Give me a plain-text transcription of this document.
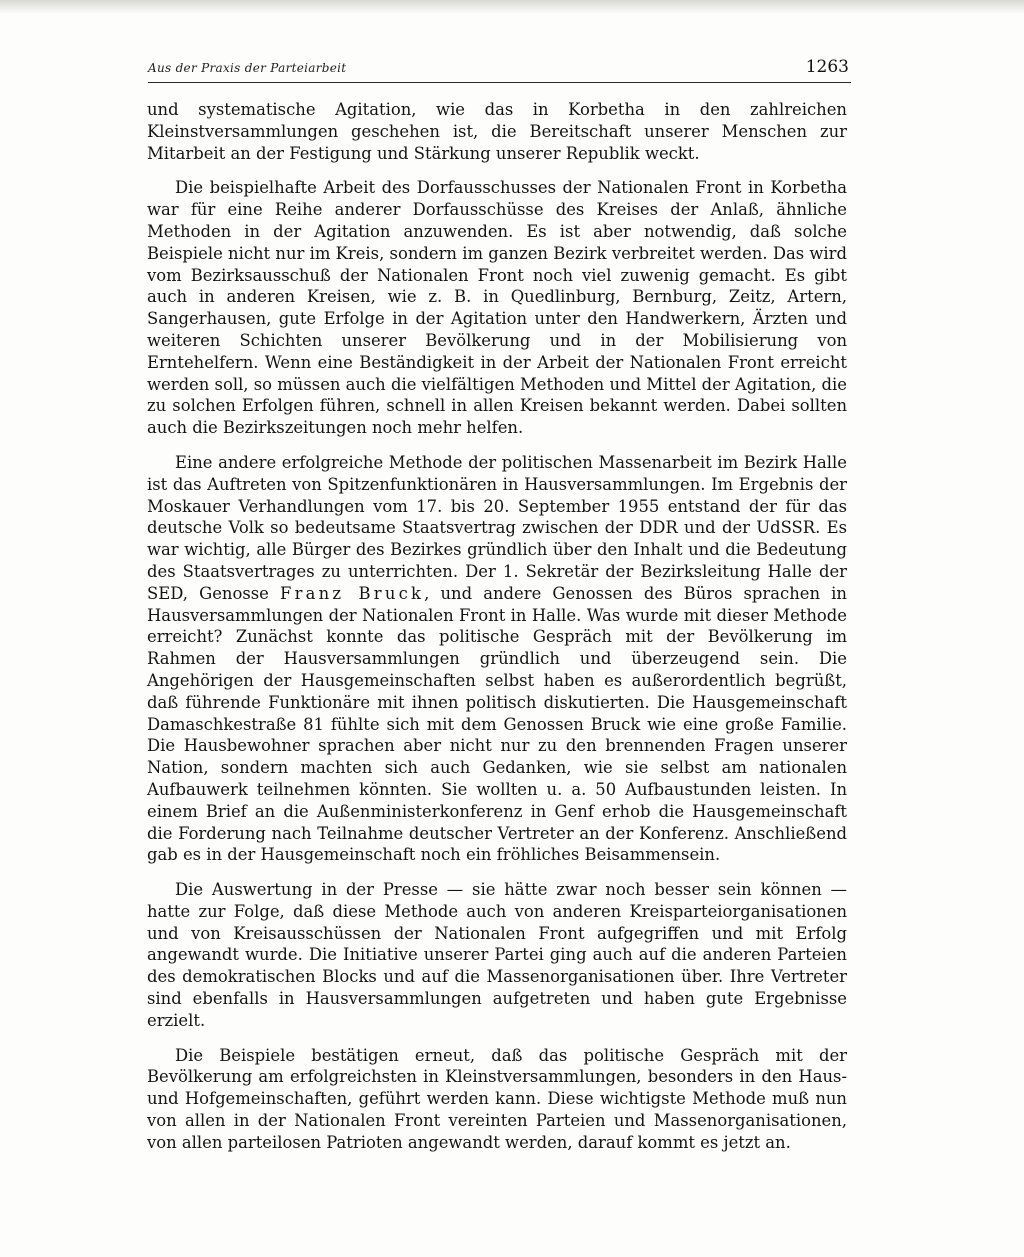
Aus der Praxis der Parteiarbeit	1263

und systematische Agitation, wie das in Korbetha in den zahlreichen Kleinstversammlungen geschehen ist, die Bereitschaft unserer Menschen zur Mitarbeit an der Festigung und Stärkung unserer Republik weckt.

Die beispielhafte Arbeit des Dorfausschusses der Nationalen Front in Korbetha war für eine Reihe anderer Dorfausschüsse des Kreises der Anlaß, ähnliche Methoden in der Agitation anzuwenden. Es ist aber notwendig, daß solche Beispiele nicht nur im Kreis, sondern im ganzen Bezirk verbreitet werden. Das wird vom Bezirksausschuß der Nationalen Front noch viel zuwenig gemacht. Es gibt auch in anderen Kreisen, wie z. B. in Quedlinburg, Bernburg, Zeitz, Artern, Sangerhausen, gute Erfolge in der Agitation unter den Handwerkern, Ärzten und weiteren Schichten unserer Bevölkerung und in der Mobilisierung von Erntehelfern. Wenn eine Beständigkeit in der Arbeit der Nationalen Front erreicht werden soll, so müssen auch die vielfältigen Methoden und Mittel der Agitation, die zu solchen Erfolgen führen, schnell in allen Kreisen bekannt werden. Dabei sollten auch die Bezirkszeitungen noch mehr helfen.

Eine andere erfolgreiche Methode der politischen Massenarbeit im Bezirk Halle ist das Auftreten von Spitzenfunktionären in Hausversammlungen. Im Ergebnis der Moskauer Verhandlungen vom 17. bis 20. September 1955 entstand der für das deutsche Volk so bedeutsame Staatsvertrag zwischen der DDR und der UdSSR. Es war wichtig, alle Bürger des Bezirkes gründlich über den Inhalt und die Bedeutung des Staatsvertrages zu unterrichten. Der 1. Sekretär der Bezirksleitung Halle der SED, Genosse Franz Bruck, und andere Genossen des Büros sprachen in Hausversammlungen der Nationalen Front in Halle. Was wurde mit dieser Methode erreicht? Zunächst konnte das politische Gespräch mit der Bevölkerung im Rahmen der Hausversammlungen gründlich und überzeugend sein. Die Angehörigen der Hausgemeinschaften selbst haben es außerordentlich begrüßt, daß führende Funktionäre mit ihnen politisch diskutierten. Die Hausgemeinschaft Damaschkestraße 81 fühlte sich mit dem Genossen Bruck wie eine große Familie. Die Hausbewohner sprachen aber nicht nur zu den brennenden Fragen unserer Nation, sondern machten sich auch Gedanken, wie sie selbst am nationalen Aufbauwerk teilnehmen könnten. Sie wollten u. a. 50 Aufbaustunden leisten. In einem Brief an die Außenministerkonferenz in Genf erhob die Hausgemeinschaft die Forderung nach Teilnahme deutscher Vertreter an der Konferenz. Anschließend gab es in der Hausgemeinschaft noch ein fröhliches Beisammensein.

Die Auswertung in der Presse — sie hätte zwar noch besser sein können — hatte zur Folge, daß diese Methode auch von anderen Kreisparteiorganisationen und von Kreisausschüssen der Nationalen Front aufgegriffen und mit Erfolg angewandt wurde. Die Initiative unserer Partei ging auch auf die anderen Parteien des demokratischen Blocks und auf die Massenorganisationen über. Ihre Vertreter sind ebenfalls in Hausversammlungen aufgetreten und haben gute Ergebnisse erzielt.

Die Beispiele bestätigen erneut, daß das politische Gespräch mit der Bevölkerung am erfolgreichsten in Kleinstversammlungen, besonders in den Haus- und Hofgemeinschaften, geführt werden kann. Diese wichtigste Methode muß nun von allen in der Nationalen Front vereinten Parteien und Massenorganisationen, von allen parteilosen Patrioten angewandt werden, darauf kommt es jetzt an.
